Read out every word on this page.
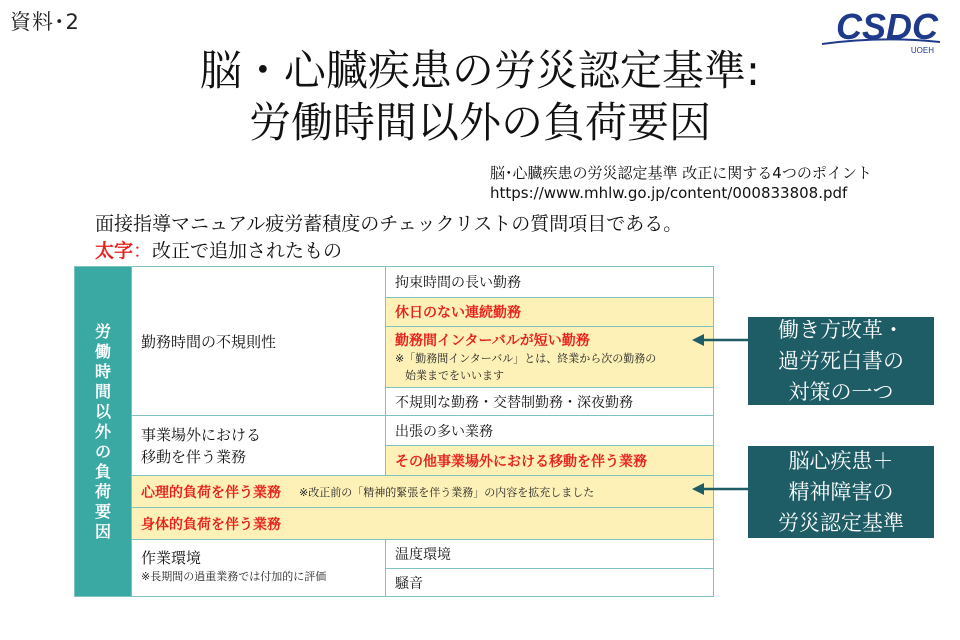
資料･2	CSDC
UOEH
脳・心臓疾患の労災認定基準:
労働時間以外の負荷要因
脳･心臓疾患の労災認定基準 改正に関する4つのポイント
https://www.mhlw.go.jp/content/000833808.pdf
面接指導マニュアル疲労蓄積度のチェックリストの質問項目である。
太字：改正で追加されたもの
労
働
時
間
以
外
の
負
荷
要
因
勤務時間の不規則性
拘束時間の長い勤務
休日のない連続勤務
勤務間インターバルが短い勤務
※「勤務間インターバル」とは、終業から次の勤務の
始業までをいいます
不規則な勤務・交替制勤務・深夜勤務
事業場外における
移動を伴う業務
出張の多い業務
その他事業場外における移動を伴う業務
心理的負荷を伴う業務 ※改正前の「精神的緊張を伴う業務」の内容を拡充しました
身体的負荷を伴う業務
作業環境
※長期間の過重業務では付加的に評価
温度環境
騒音
働き方改革・
過労死白書の
対策の一つ
脳心疾患＋
精神障害の
労災認定基準
